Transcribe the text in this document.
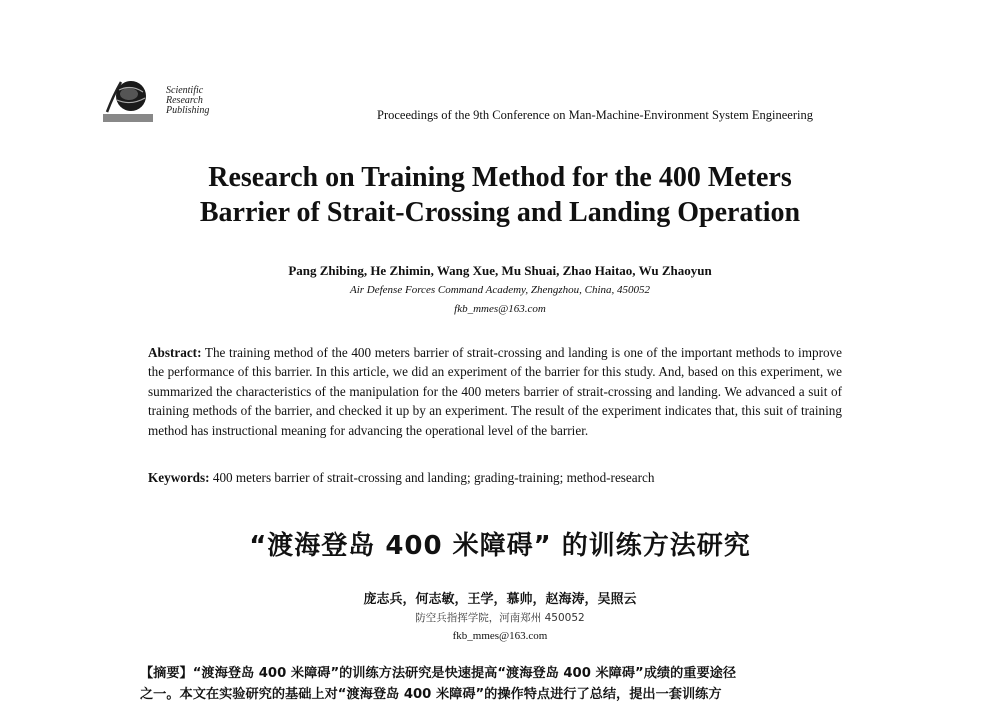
Scientific
Research
Publishing	Proceedings of the 9th Conference on Man-Machine-Environment System Engineering
Research on Training Method for the 400 Meters
Barrier of Strait-Crossing and Landing Operation
Pang Zhibing, He Zhimin, Wang Xue, Mu Shuai, Zhao Haitao, Wu Zhaoyun
Air Defense Forces Command Academy, Zhengzhou, China, 450052
fkb_mmes@163.com

Abstract: The training method of the 400 meters barrier of strait-crossing and landing is one of the important methods to improve the performance of this barrier. In this article, we did an experiment of the barrier for this study. And, based on this experiment, we summarized the characteristics of the manipulation for the 400 meters barrier of strait-crossing and landing. We advanced a suit of training methods of the barrier, and checked it up by an experiment. The result of the experiment indicates that, this suit of training method has instructional meaning for advancing the operational level of the barrier.

Keywords: 400 meters barrier of strait-crossing and landing; grading-training; method-research

“渡海登岛 400 米障碍” 的训练方法研究
庞志兵，何志敏，王学，慕帅，赵海涛，吴照云
防空兵指挥学院，河南郑州 450052
fkb_mmes@163.com
【摘要】“渡海登岛 400 米障碍”的训练方法研究是快速提高“渡海登岛 400 米障碍”成绩的重要途径
之一。本文在实验研究的基础上对“渡海登岛 400 米障碍”的操作特点进行了总结，提出一套训练方
